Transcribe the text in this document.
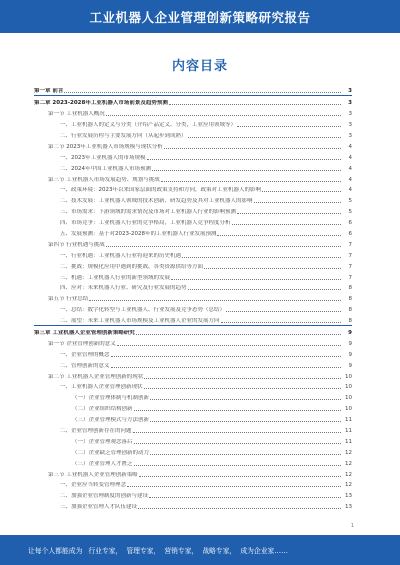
工业机器人企业管理创新策略研究报告
内容目录
第一章 前言	3
第二章 2023-2028年工业机器人市场前景及趋势预测	3
第一节 工业机器人概况	3
一、工业机器人的定义与分类（介绍产品定义、分类，工业应用领域等）	3
二、行业发展历程与主要发展方向（从起步到成熟）	3
第二节 2023年工业机器人市场规模与现状分析	4
一、2023年工业机器人的市场规模	4
二、2024年中国工业机器人市场预测	4
第三节 工业机器人市场发展趋势、规划与挑战	4
一、政策环境：2023年以来国家层面的政策支持和方向，政策对工业机器人的影响	4
二、技术发展：工业机器人领域的技术创新、研发趋势及其对工业机器人的影响	5
三、市场需求：下游领域的需求情况及市场对工业机器人行业的影响预测	5
四、市场竞争：工业机器人行业的竞争格局，工业机器人竞争程度分析	6
五、发展预测：基于对2023-2028年的工业机器人行业发展预测	6
第四节 行业机遇与挑战	7
一、行业机遇：工业机器人行业将迎来的历史机遇	7
二、挑战：规模化应用中遇到的挑战，各类资源供给等方面	7
三、机遇：工业机器人行业的新型领域的发展	7
四、应对：未来机器人行业、研究及行业发展的趋势	8
第五节 行业总结	8
一、总结：数字化转型与工业机器人、行业发展及竞争态势（总结）	8
二、展望：未来工业机器人市场规模及工业机器人企业的发展方向	8
第三章 工业机器人企业管理创新策略研究	9
第一节 企业管理创新的意义	9
一、企业管理的概念	9
二、管理创新的意义	9
第二节 工业机器人企业管理创新的现状	10
一、工业机器人企业管理创新现状	10
（一）企业管理体制与机制创新	10
（二）企业组织结构创新	10
（三）企业管理模式与方法创新	11
二、企业管理创新存在的问题	11
（一）企业管理观念落后	11
（二）企业缺乏管理创新的动力	12
（三）企业管理人才匮乏	12
第三节 工业机器人企业管理创新策略	12
一、企业应当转变管理理念	12
二、加强企业管理制度的创新与建设	13
三、加强企业管理人才队伍建设	13
1
让每个人都能成为 行业专家， 管理专家， 营销专家， 战略专家， 成为企业家……
